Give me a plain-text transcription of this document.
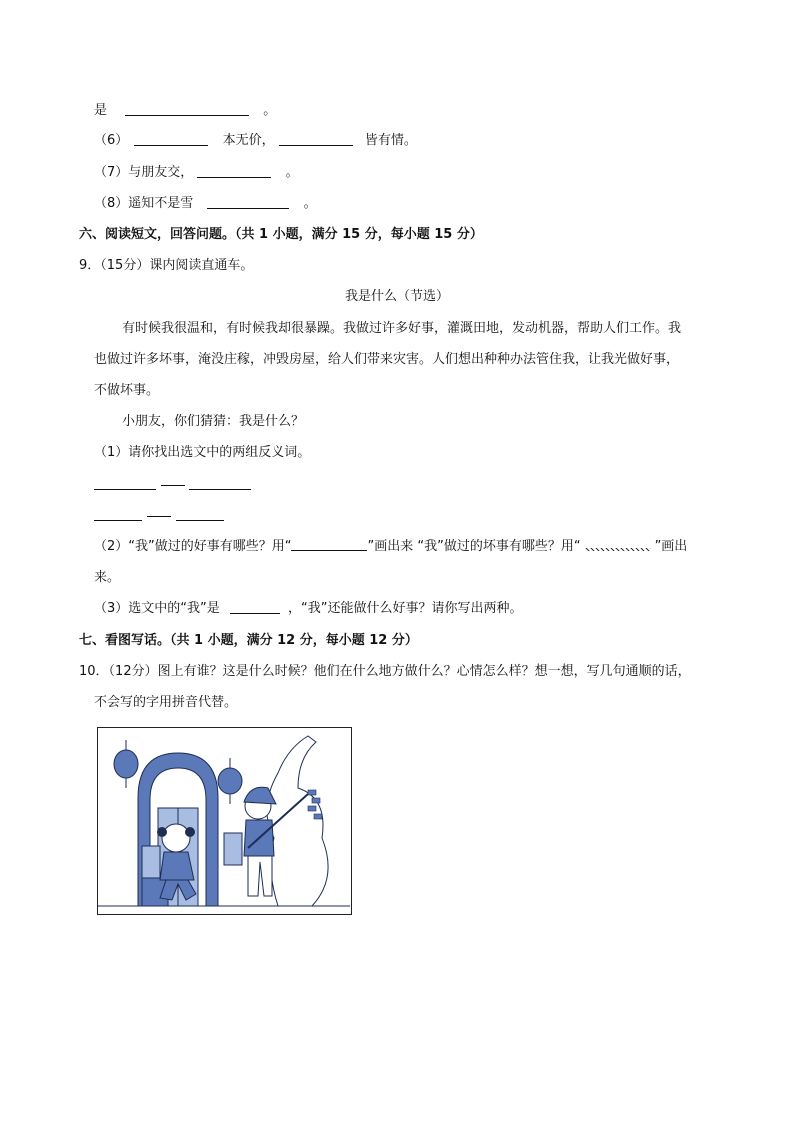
是	。
（6）	本无价，	皆有情。
（7）与朋友交，	。
（8）遥知不是雪	。
六、阅读短文，回答问题。（共 1 小题，满分 15 分，每小题 15 分）
9．（15分）课内阅读直通车。
我是什么（节选）
有时候我很温和，有时候我却很暴躁。我做过许多好事，灌溉田地，发动机器，帮助人们工作。我
也做过许多坏事，淹没庄稼，冲毁房屋，给人们带来灾害。人们想出种种办法管住我，让我光做好事，
不做坏事。
小朋友，你们猜猜：我是什么？
（1）请你找出选文中的两组反义词。
（2）“我”做过的好事有哪些？用“	”画出来 “我”做过的坏事有哪些？用“	”画出
来。
（3）选文中的“我”是	，“我”还能做什么好事？请你写出两种。
七、看图写话。（共 1 小题，满分 12 分，每小题 12 分）
10．（12分）图上有谁？这是什么时候？他们在什么地方做什么？心情怎么样？想一想，写几句通顺的话，
不会写的字用拼音代替。
